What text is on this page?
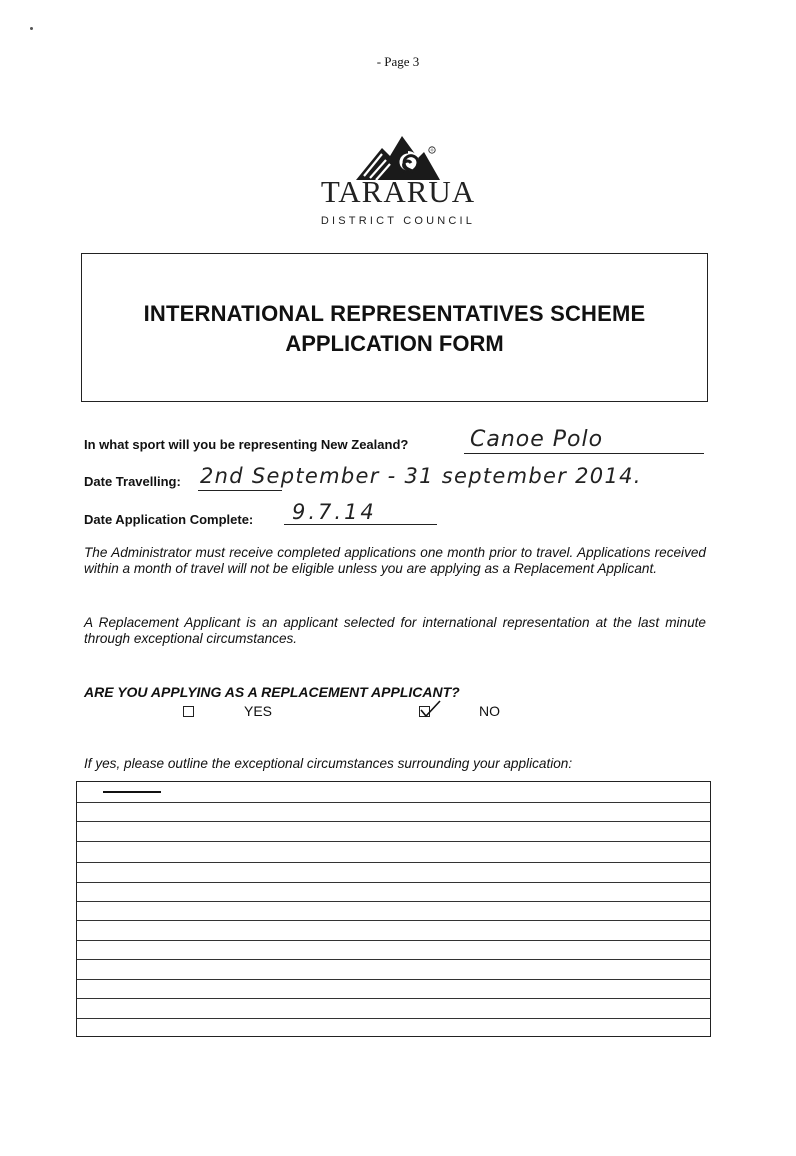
- Page 3
®
TARARUA
DISTRICT COUNCIL
INTERNATIONAL REPRESENTATIVES SCHEME
APPLICATION FORM
In what sport will you be representing New Zealand?	Canoe Polo
Date Travelling: 2nd September - 31 september 2014.
Date Application Complete: 9.7.14
The Administrator must receive completed applications one month prior to travel. Applications received within a month of travel will not be eligible unless you are applying as a Replacement Applicant.
A Replacement Applicant is an applicant selected for international representation at the last minute through exceptional circumstances.
ARE YOU APPLYING AS A REPLACEMENT APPLICANT?
YES	NO
If yes, please outline the exceptional circumstances surrounding your application:
